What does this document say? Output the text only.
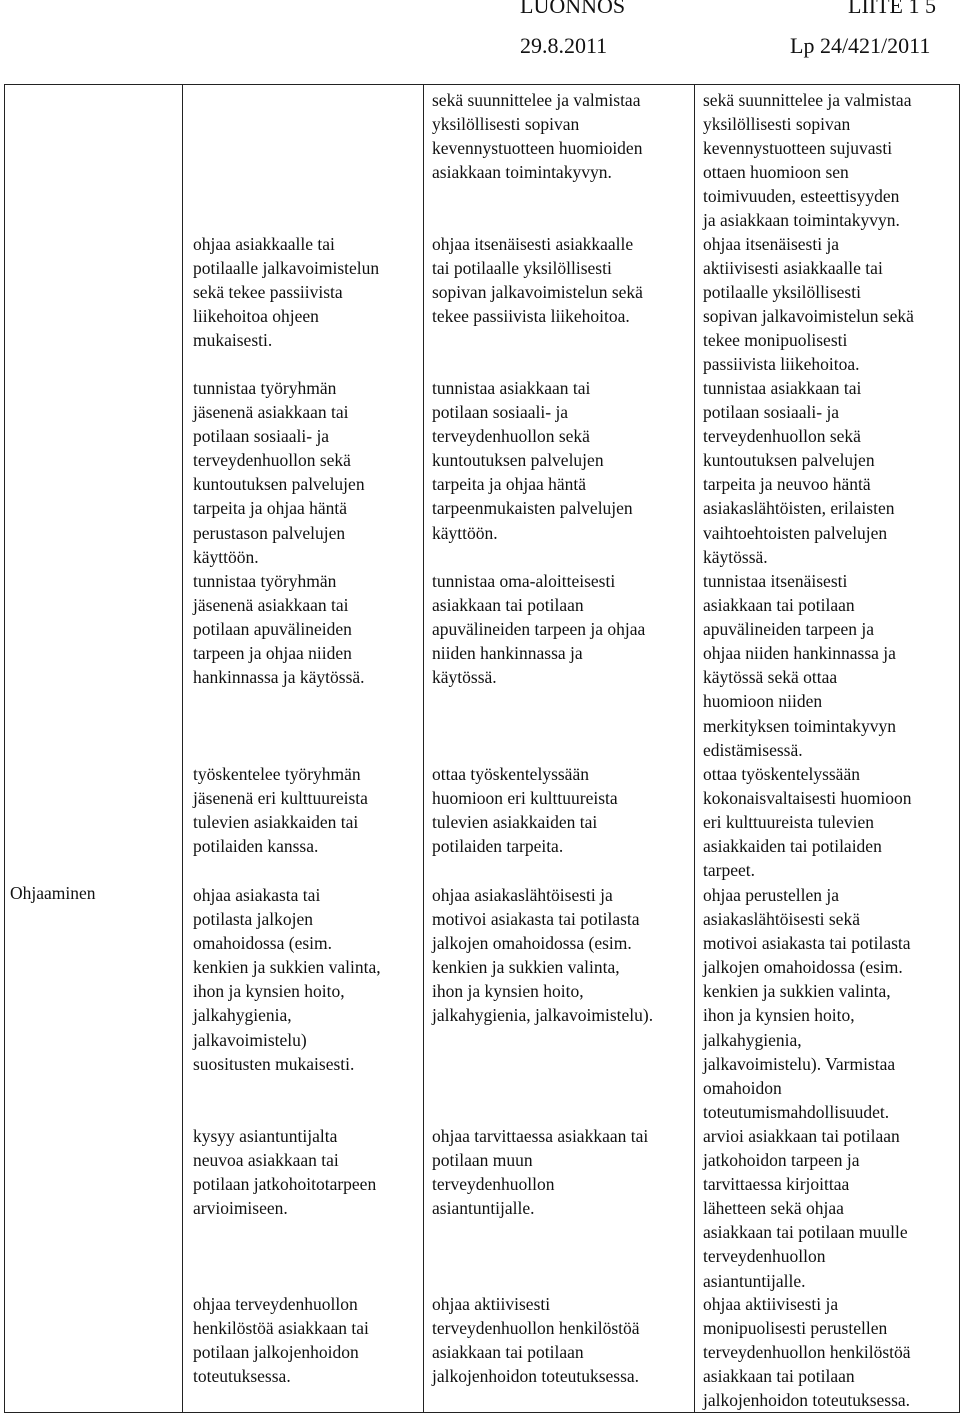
LUONNOS	LIITE 1 5
29.8.2011	Lp 24/421/2011
Ohjaaminen
sekä suunnittelee ja valmistaa
yksilöllisesti sopivan
kevennystuotteen huomioiden
asiakkaan toimintakyvyn.
sekä suunnittelee ja valmistaa
yksilöllisesti sopivan
kevennystuotteen sujuvasti
ottaen huomioon sen
toimivuuden, esteettisyyden
ja asiakkaan toimintakyvyn.
ohjaa asiakkaalle tai
potilaalle jalkavoimistelun
sekä tekee passiivista
liikehoitoa ohjeen
mukaisesti.
ohjaa itsenäisesti asiakkaalle
tai potilaalle yksilöllisesti
sopivan jalkavoimistelun sekä
tekee passiivista liikehoitoa.
ohjaa itsenäisesti ja
aktiivisesti asiakkaalle tai
potilaalle yksilöllisesti
sopivan jalkavoimistelun sekä
tekee monipuolisesti
passiivista liikehoitoa.
tunnistaa työryhmän
jäsenenä asiakkaan tai
potilaan sosiaali- ja
terveydenhuollon sekä
kuntoutuksen palvelujen
tarpeita ja ohjaa häntä
perustason palvelujen
käyttöön.
tunnistaa asiakkaan tai
potilaan sosiaali- ja
terveydenhuollon sekä
kuntoutuksen palvelujen
tarpeita ja ohjaa häntä
tarpeenmukaisten palvelujen
käyttöön.
tunnistaa asiakkaan tai
potilaan sosiaali- ja
terveydenhuollon sekä
kuntoutuksen palvelujen
tarpeita ja neuvoo häntä
asiakaslähtöisten, erilaisten
vaihtoehtoisten palvelujen
käytössä.
tunnistaa työryhmän
jäsenenä asiakkaan tai
potilaan apuvälineiden
tarpeen ja ohjaa niiden
hankinnassa ja käytössä.
tunnistaa oma-aloitteisesti
asiakkaan tai potilaan
apuvälineiden tarpeen ja ohjaa
niiden hankinnassa ja
käytössä.
tunnistaa itsenäisesti
asiakkaan tai potilaan
apuvälineiden tarpeen ja
ohjaa niiden hankinnassa ja
käytössä sekä ottaa
huomioon niiden
merkityksen toimintakyvyn
edistämisessä.
työskentelee työryhmän
jäsenenä eri kulttuureista
tulevien asiakkaiden tai
potilaiden kanssa.
ottaa työskentelyssään
huomioon eri kulttuureista
tulevien asiakkaiden tai
potilaiden tarpeita.
ottaa työskentelyssään
kokonaisvaltaisesti huomioon
eri kulttuureista tulevien
asiakkaiden tai potilaiden
tarpeet.
ohjaa asiakasta tai
potilasta jalkojen
omahoidossa (esim.
kenkien ja sukkien valinta,
ihon ja kynsien hoito,
jalkahygienia,
jalkavoimistelu)
suositusten mukaisesti.
ohjaa asiakaslähtöisesti ja
motivoi asiakasta tai potilasta
jalkojen omahoidossa (esim.
kenkien ja sukkien valinta,
ihon ja kynsien hoito,
jalkahygienia, jalkavoimistelu).
ohjaa perustellen ja
asiakaslähtöisesti sekä
motivoi asiakasta tai potilasta
jalkojen omahoidossa (esim.
kenkien ja sukkien valinta,
ihon ja kynsien hoito,
jalkahygienia,
jalkavoimistelu). Varmistaa
omahoidon
toteutumismahdollisuudet.
kysyy asiantuntijalta
neuvoa asiakkaan tai
potilaan jatkohoitotarpeen
arvioimiseen.
ohjaa tarvittaessa asiakkaan tai
potilaan muun
terveydenhuollon
asiantuntijalle.
arvioi asiakkaan tai potilaan
jatkohoidon tarpeen ja
tarvittaessa kirjoittaa
lähetteen sekä ohjaa
asiakkaan tai potilaan muulle
terveydenhuollon
asiantuntijalle.
ohjaa terveydenhuollon
henkilöstöä asiakkaan tai
potilaan jalkojenhoidon
toteutuksessa.
ohjaa aktiivisesti
terveydenhuollon henkilöstöä
asiakkaan tai potilaan
jalkojenhoidon toteutuksessa.
ohjaa aktiivisesti ja
monipuolisesti perustellen
terveydenhuollon henkilöstöä
asiakkaan tai potilaan
jalkojenhoidon toteutuksessa.
